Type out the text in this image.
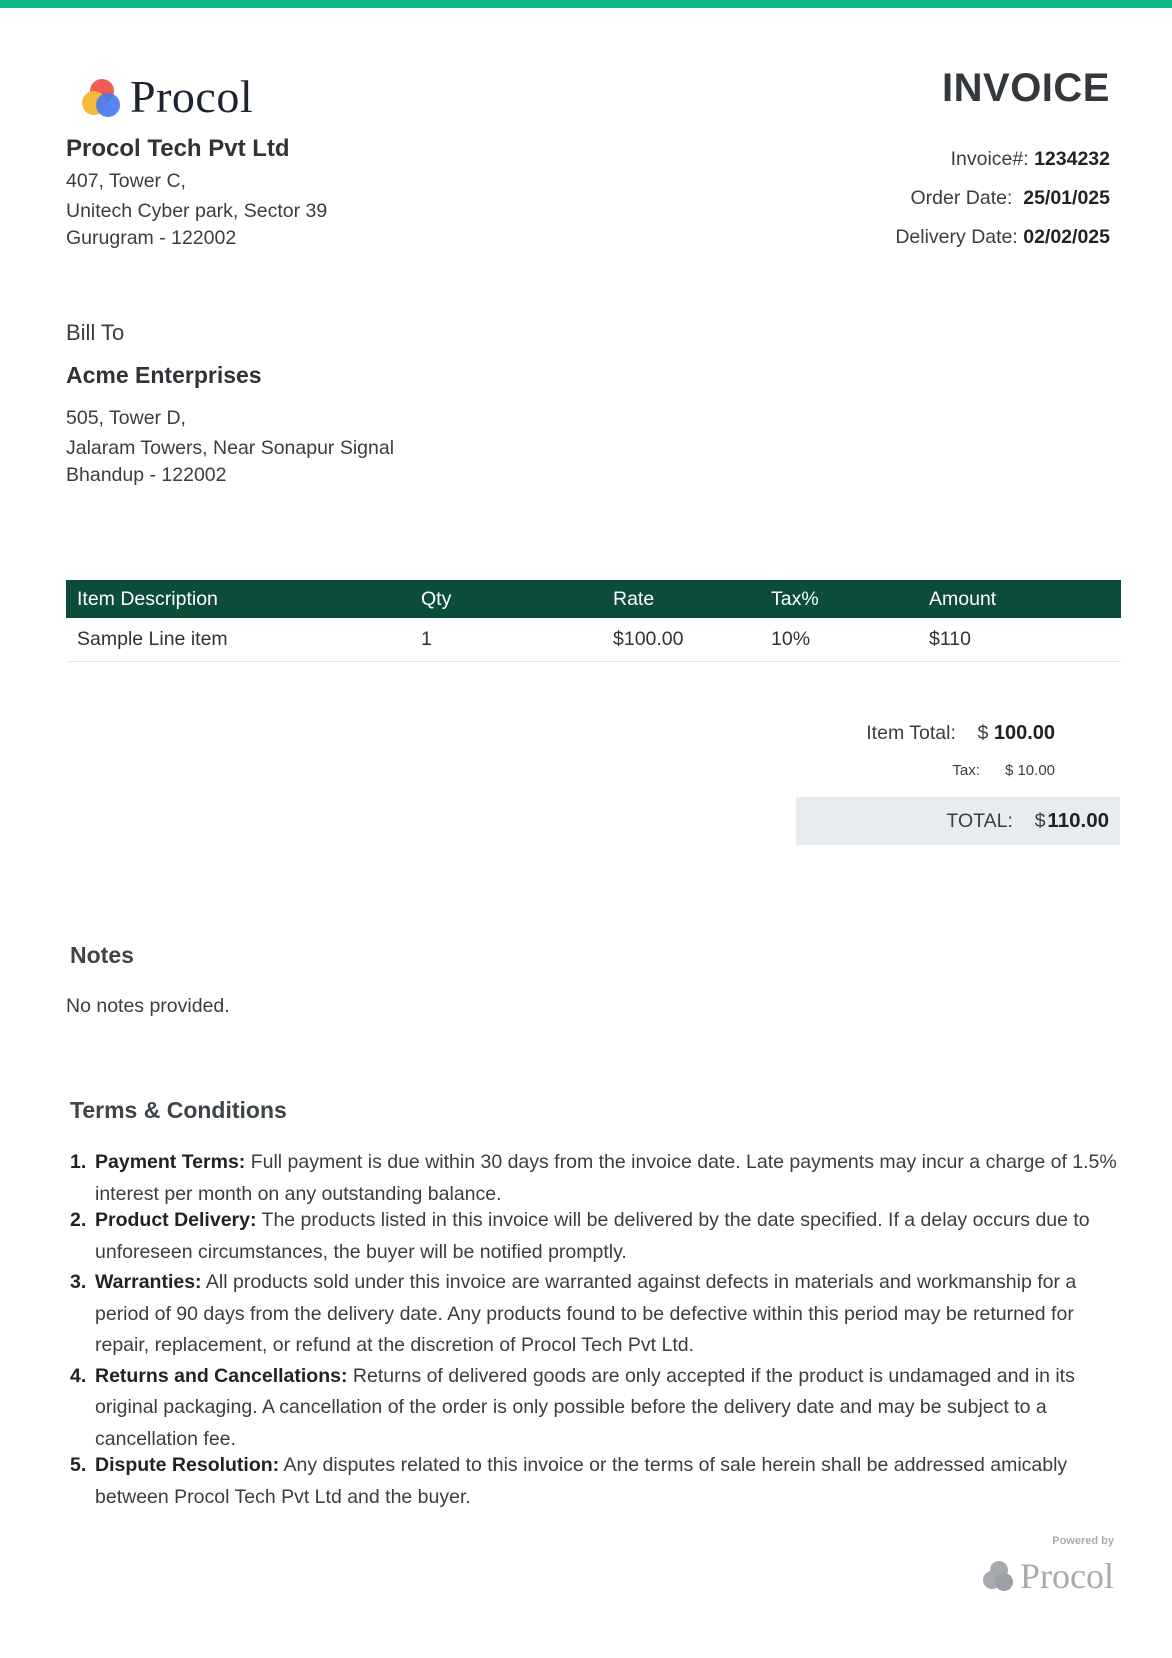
Procol
Procol Tech Pvt Ltd
407, Tower C,
Unitech Cyber park, Sector 39
Gurugram - 122002
INVOICE
Invoice#: 1234232
Order Date: 25/01/025
Delivery Date: 02/02/025
Bill To
Acme Enterprises
505, Tower D,
Jalaram Towers, Near Sonapur Signal
Bhandup - 122002
Item Description	Qty	Rate	Tax%	Amount
Sample Line item	1	$100.00	10%	$110
Item Total: $ 100.00
Tax: $ 10.00
TOTAL:
$ 110.00
Notes
No notes provided.
Terms & Conditions
1. Payment Terms: Full payment is due within 30 days from the invoice date. Late payments may incur a charge of 1.5% interest per month on any outstanding balance.
2. Product Delivery: The products listed in this invoice will be delivered by the date specified. If a delay occurs due to unforeseen circumstances, the buyer will be notified promptly.
3. Warranties: All products sold under this invoice are warranted against defects in materials and workmanship for a period of 90 days from the delivery date. Any products found to be defective within this period may be returned for repair, replacement, or refund at the discretion of Procol Tech Pvt Ltd.
4. Returns and Cancellations: Returns of delivered goods are only accepted if the product is undamaged and in its original packaging. A cancellation of the order is only possible before the delivery date and may be subject to a cancellation fee.
5. Dispute Resolution: Any disputes related to this invoice or the terms of sale herein shall be addressed amicably between Procol Tech Pvt Ltd and the buyer.
Powered by
Procol
